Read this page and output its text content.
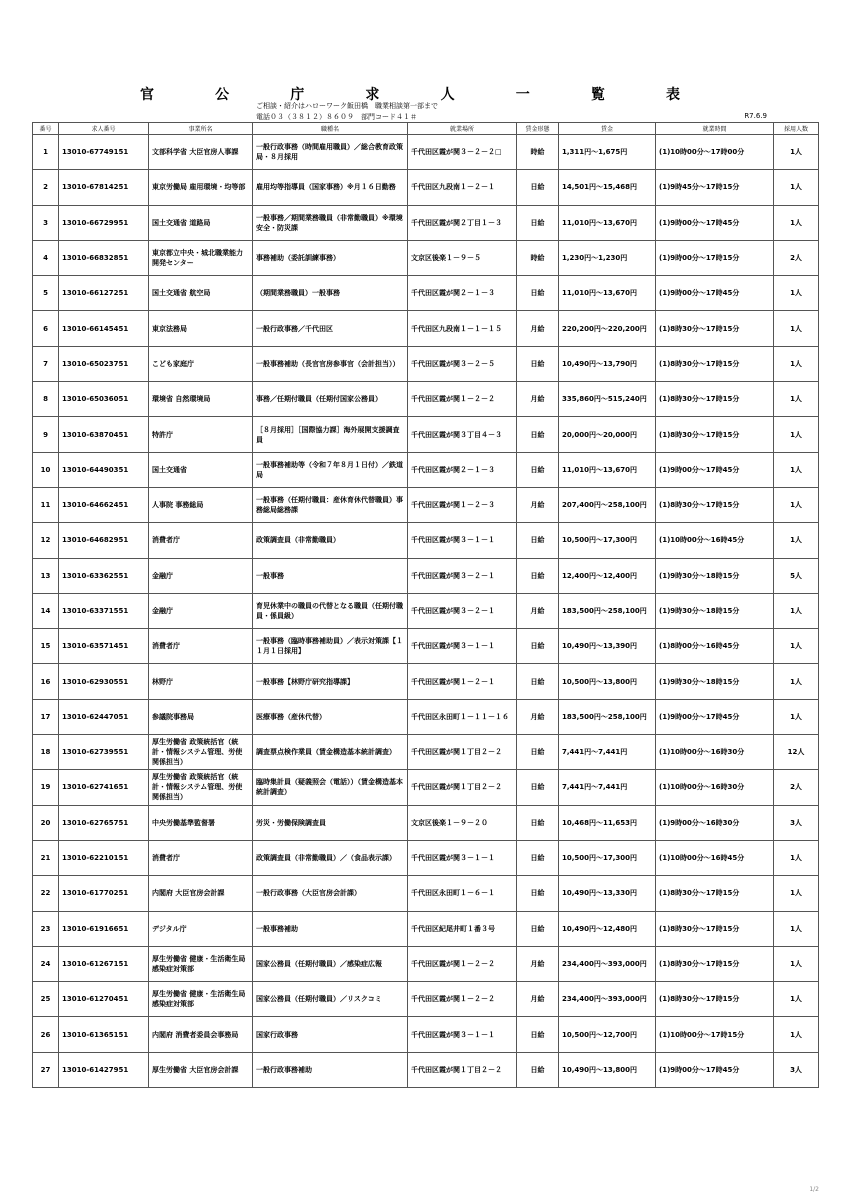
官	公	庁	求	人	一	覧	表
ご相談・紹介はハローワーク飯田橋　職業相談第一部まで
電話０３（３８１２）８６０９　部門コード４１＃	R7.6.9
番号	求人番号	事業所名	職種名	就業場所	賃金形態	賃金	就業時間	採用人数
1	13010-67749151	文部科学省 大臣官房人事課	一般行政事務（時間雇用職員）／総合教育政策局・８月採用	千代田区霞が関３－２－２□	時給	1,311円～1,675円	(1)10時00分～17時00分	1人
2	13010-67814251	東京労働局 雇用環境・均等部	雇用均等指導員（国家事務）※月１６日勤務	千代田区九段南１－２－１	日給	14,501円～15,468円	(1)9時45分～17時15分	1人
3	13010-66729951	国土交通省 道路局	一般事務／期間業務職員（非常勤職員）※環境安全・防災課	千代田区霞が関２丁目１－３	日給	11,010円～13,670円	(1)9時00分～17時45分	1人
4	13010-66832851	東京都立中央・城北職業能力開発センター	事務補助（委託訓練事務）	文京区後楽１－９－５	時給	1,230円～1,230円	(1)9時00分～17時15分	2人
5	13010-66127251	国土交通省 航空局	（期間業務職員）一般事務	千代田区霞が関２－１－３	日給	11,010円～13,670円	(1)9時00分～17時45分	1人
6	13010-66145451	東京法務局	一般行政事務／千代田区	千代田区九段南１－１－１５	月給	220,200円～220,200円	(1)8時30分～17時15分	1人
7	13010-65023751	こども家庭庁	一般事務補助（長官官房参事官（会計担当））	千代田区霞が関３－２－５	日給	10,490円～13,790円	(1)8時30分～17時15分	1人
8	13010-65036051	環境省 自然環境局	事務／任期付職員（任期付国家公務員）	千代田区霞が関１－２－２	月給	335,860円～515,240円	(1)8時30分～17時15分	1人
9	13010-63870451	特許庁	［８月採用］［国際協力課］海外展開支援調査員	千代田区霞が関３丁目４－３	日給	20,000円～20,000円	(1)8時30分～17時15分	1人
10	13010-64490351	国土交通省	一般事務補助等（令和７年８月１日付）／鉄道局	千代田区霞が関２－１－３	日給	11,010円～13,670円	(1)9時00分～17時45分	1人
11	13010-64662451	人事院 事務総局	一般事務（任期付職員：産休育休代替職員）事務総局総務課	千代田区霞が関１－２－３	月給	207,400円～258,100円	(1)8時30分～17時15分	1人
12	13010-64682951	消費者庁	政策調査員（非常勤職員）	千代田区霞が関３－１－１	日給	10,500円～17,300円	(1)10時00分～16時45分	1人
13	13010-63362551	金融庁	一般事務	千代田区霞が関３－２－１	日給	12,400円～12,400円	(1)9時30分～18時15分	5人
14	13010-63371551	金融庁	育児休業中の職員の代替となる職員（任期付職員・係員級）	千代田区霞が関３－２－１	月給	183,500円～258,100円	(1)9時30分～18時15分	1人
15	13010-63571451	消費者庁	一般事務（臨時事務補助員）／表示対策課【１１月１日採用】	千代田区霞が関３－１－１	日給	10,490円～13,390円	(1)8時00分～16時45分	1人
16	13010-62930551	林野庁	一般事務【林野庁研究指導課】	千代田区霞が関１－２－１	日給	10,500円～13,800円	(1)9時30分～18時15分	1人
17	13010-62447051	参議院事務局	医療事務（産休代替）	千代田区永田町１－１１－１６	月給	183,500円～258,100円	(1)9時00分～17時45分	1人
18	13010-62739551	厚生労働省 政策統括官（統計・情報システム管理、労使関係担当）	調査票点検作業員（賃金構造基本統計調査）	千代田区霞が関１丁目２－２	日給	7,441円～7,441円	(1)10時00分～16時30分	12人
19	13010-62741651	厚生労働省 政策統括官（統計・情報システム管理、労使関係担当）	臨時集計員（疑義照会（電話））（賃金構造基本統計調査）	千代田区霞が関１丁目２－２	日給	7,441円～7,441円	(1)10時00分～16時30分	2人
20	13010-62765751	中央労働基準監督署	労災・労働保険調査員	文京区後楽１－９－２０	日給	10,468円～11,653円	(1)9時00分～16時30分	3人
21	13010-62210151	消費者庁	政策調査員（非常勤職員）／（食品表示課）	千代田区霞が関３－１－１	日給	10,500円～17,300円	(1)10時00分～16時45分	1人
22	13010-61770251	内閣府 大臣官房会計課	一般行政事務（大臣官房会計課）	千代田区永田町１－６－１	日給	10,490円～13,330円	(1)8時30分～17時15分	1人
23	13010-61916651	デジタル庁	一般事務補助	千代田区紀尾井町１番３号	日給	10,490円～12,480円	(1)8時30分～17時15分	1人
24	13010-61267151	厚生労働省 健康・生活衛生局感染症対策部	国家公務員（任期付職員）／感染症広報	千代田区霞が関１－２－２	月給	234,400円～393,000円	(1)8時30分～17時15分	1人
25	13010-61270451	厚生労働省 健康・生活衛生局感染症対策部	国家公務員（任期付職員）／リスクコミ	千代田区霞が関１－２－２	月給	234,400円～393,000円	(1)8時30分～17時15分	1人
26	13010-61365151	内閣府 消費者委員会事務局	国家行政事務	千代田区霞が関３－１－１	日給	10,500円～12,700円	(1)10時00分～17時15分	1人
27	13010-61427951	厚生労働省 大臣官房会計課	一般行政事務補助	千代田区霞が関１丁目２－２	日給	10,490円～13,800円	(1)9時00分～17時45分	3人
1/2
